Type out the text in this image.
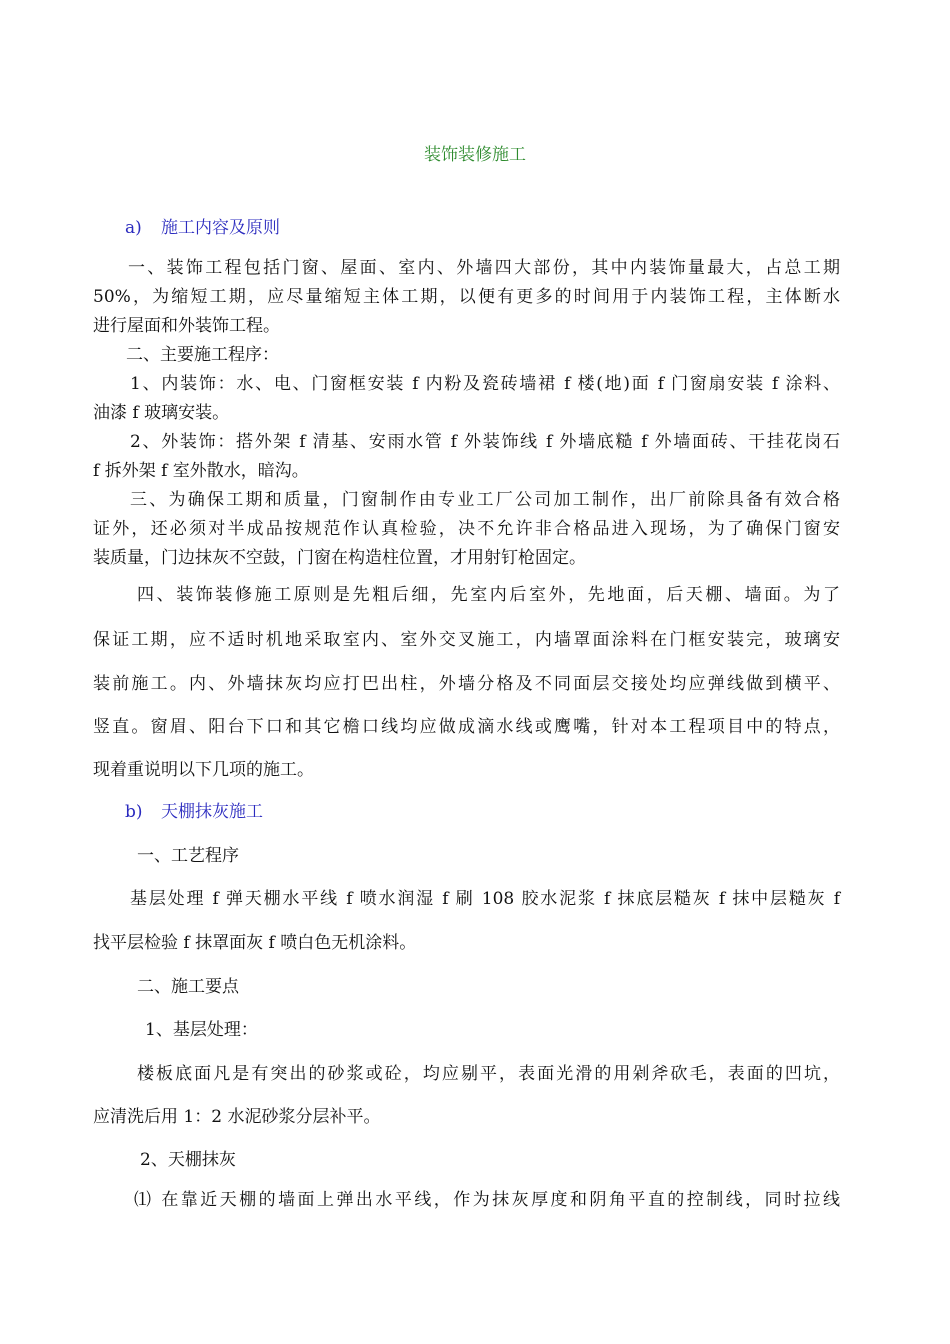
装饰装修施工
a) 施工内容及原则
一、装饰工程包括门窗、屋面、室内、外墙四大部份，其中内装饰量最大，占总工期
50%，为缩短工期，应尽量缩短主体工期，以便有更多的时间用于内装饰工程，主体断水
进行屋面和外装饰工程。
二、主要施工程序：
1、内装饰：水、电、门窗框安装 f 内粉及瓷砖墙裙 f 楼(地)面 f 门窗扇安装 f 涂料、
油漆 f 玻璃安装。
2、外装饰：搭外架 f 清基、安雨水管 f 外装饰线 f 外墙底糙 f 外墙面砖、干挂花岗石
f 拆外架 f 室外散水，暗沟。
三、为确保工期和质量，门窗制作由专业工厂公司加工制作，出厂前除具备有效合格
证外，还必须对半成品按规范作认真检验，决不允许非合格品进入现场，为了确保门窗安
装质量，门边抹灰不空鼓，门窗在构造柱位置，才用射钉枪固定。
四、装饰装修施工原则是先粗后细，先室内后室外，先地面，后天棚、墙面。为了
保证工期，应不适时机地采取室内、室外交叉施工，内墙罩面涂料在门框安装完，玻璃安
装前施工。内、外墙抹灰均应打巴出柱，外墙分格及不同面层交接处均应弹线做到横平、
竖直。窗眉、阳台下口和其它檐口线均应做成滴水线或鹰嘴，针对本工程项目中的特点，
现着重说明以下几项的施工。
b) 天棚抹灰施工
一、工艺程序
基层处理 f 弹天棚水平线 f 喷水润湿 f 刷 108 胶水泥浆 f 抹底层糙灰 f 抹中层糙灰 f
找平层检验 f 抹罩面灰 f 喷白色无机涂料。
二、施工要点
1、基层处理：
楼板底面凡是有突出的砂浆或砼，均应剔平，表面光滑的用剁斧砍毛，表面的凹坑，
应清洗后用 1：2 水泥砂浆分层补平。
2、天棚抹灰
⑴ 在靠近天棚的墙面上弹出水平线，作为抹灰厚度和阴角平直的控制线，同时拉线
